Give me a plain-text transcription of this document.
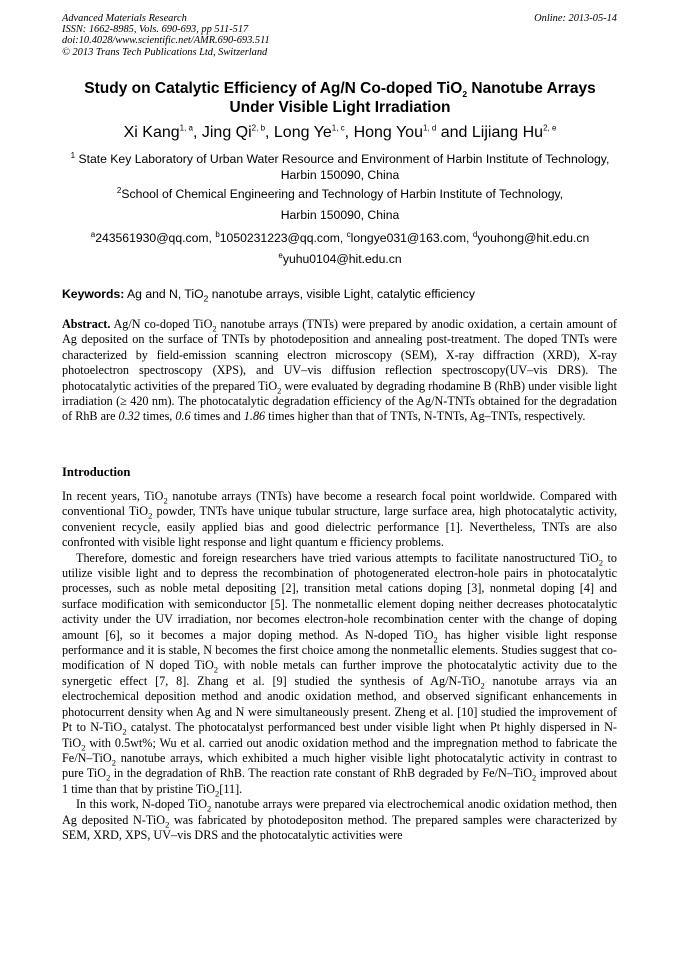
Advanced Materials Research
ISSN: 1662-8985, Vols. 690-693, pp 511-517
doi:10.4028/www.scientific.net/AMR.690-693.511
© 2013 Trans Tech Publications Ltd, Switzerland
Online: 2013-05-14
Study on Catalytic Efficiency of Ag/N Co-doped TiO$_2$ Nanotube Arrays
Under Visible Light Irradiation
Xi Kang$^{1, a}$, Jing Qi$^{2, b}$, Long Ye$^{1, c}$, Hong You$^{1, d}$ and Lijiang Hu$^{2, e}$
$^1$ State Key Laboratory of Urban Water Resource and Environment of Harbin Institute of Technology,
Harbin 150090, China
$^2$School of Chemical Engineering and Technology of Harbin Institute of Technology,
Harbin 150090, China
$^a$243561930@qq.com, $^b$1050231223@qq.com, $^c$longye031@163.com, $^d$youhong@hit.edu.cn
$^e$yuhu0104@hit.edu.cn
Keywords: Ag and N, TiO$_2$ nanotube arrays, visible Light, catalytic efficiency
Abstract. Ag/N co-doped TiO$_2$ nanotube arrays (TNTs) were prepared by anodic oxidation, a certain amount of Ag deposited on the surface of TNTs by photodeposition and annealing post-treatment. The doped TNTs were characterized by field-emission scanning electron microscopy (SEM), X-ray diffraction (XRD), X-ray photoelectron spectroscopy (XPS), and UV–vis diffusion reflection spectroscopy(UV–vis DRS). The photocatalytic activities of the prepared TiO$_2$ were evaluated by degrading rhodamine B (RhB) under visible light irradiation (≥ 420 nm). The photocatalytic degradation efficiency of the Ag/N-TNTs obtained for the degradation of RhB are 0.32 times, 0.6 times and 1.86 times higher than that of TNTs, N-TNTs, Ag–TNTs, respectively.
Introduction
In recent years, TiO$_2$ nanotube arrays (TNTs) have become a research focal point worldwide. Compared with conventional TiO$_2$ powder, TNTs have unique tubular structure, large surface area, high photocatalytic activity, convenient recycle, easily applied bias and good dielectric performance [1]. Nevertheless, TNTs are also confronted with visible light response and light quantum e fficiency problems.
Therefore, domestic and foreign researchers have tried various attempts to facilitate nanostructured TiO$_2$ to utilize visible light and to depress the recombination of photogenerated electron-hole pairs in photocatalytic processes, such as noble metal depositing [2], transition metal cations doping [3], nonmetal doping [4] and surface modification with semiconductor [5]. The nonmetallic element doping neither decreases photocatalytic activity under the UV irradiation, nor becomes electron-hole recombination center with the change of doping amount [6], so it becomes a major doping method. As N-doped TiO$_2$ has higher visible light response performance and it is stable, N becomes the first choice among the nonmetallic elements. Studies suggest that co-modification of N doped TiO$_2$ with noble metals can further improve the photocatalytic activity due to the synergetic effect [7, 8]. Zhang et al. [9] studied the synthesis of Ag/N-TiO$_2$ nanotube arrays via an electrochemical deposition method and anodic oxidation method, and observed significant enhancements in photocurrent density when Ag and N were simultaneously present. Zheng et al. [10] studied the improvement of Pt to N-TiO$_2$ catalyst. The photocatalyst performanced best under visible light when Pt highly dispersed in N-TiO$_2$ with 0.5wt%; Wu et al. carried out anodic oxidation method and the impregnation method to fabricate the Fe/N–TiO$_2$ nanotube arrays, which exhibited a much higher visible light photocatalytic activity in contrast to pure TiO$_2$ in the degradation of RhB. The reaction rate constant of RhB degraded by Fe/N–TiO$_2$ improved about 1 time than that by pristine TiO$_2$[11].
In this work, N-doped TiO$_2$ nanotube arrays were prepared via electrochemical anodic oxidation method, then Ag deposited N-TiO$_2$ was fabricated by photodepositon method. The prepared samples were characterized by SEM, XRD, XPS, UV–vis DRS and the photocatalytic activities were
